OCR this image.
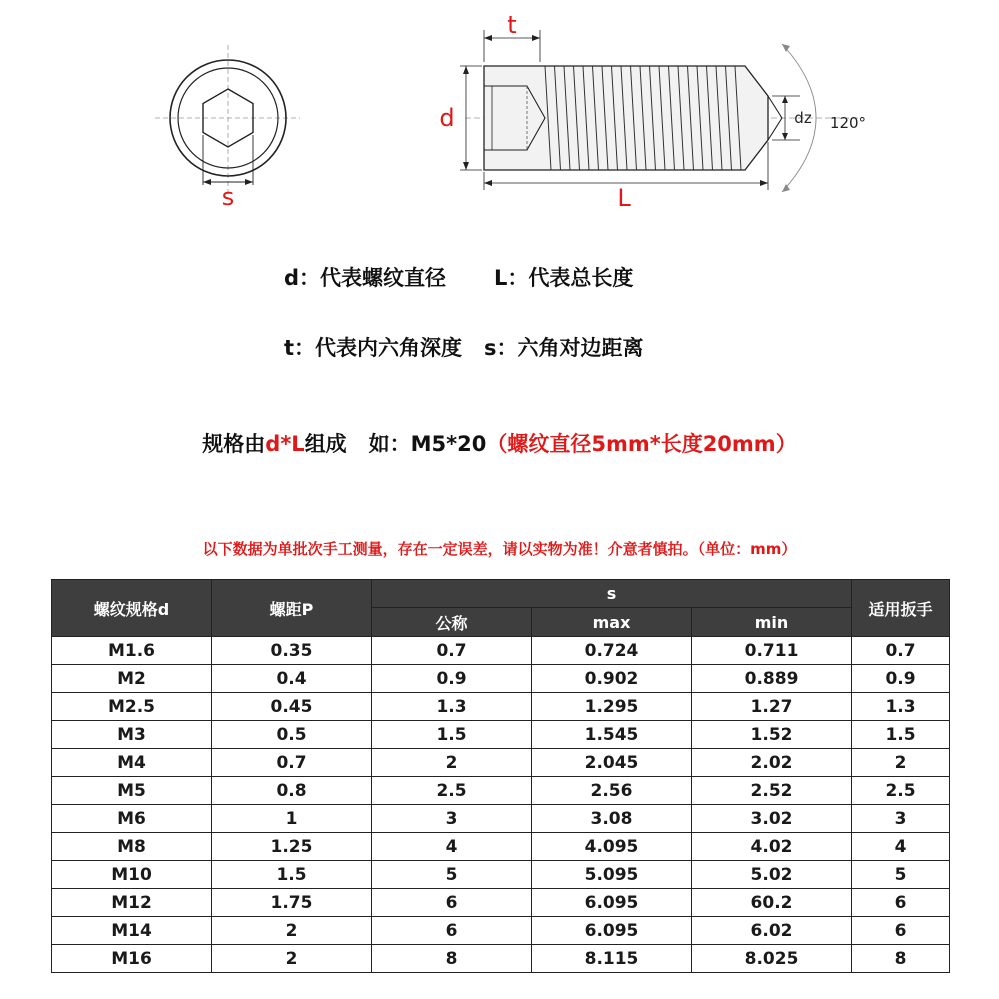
s
t
d
L
dz 120°
d：代表螺纹直径 L：代表总长度
t：代表内六角深度 s：六角对边距离
规格由d*L组成   如：M5*20（螺纹直径5mm*长度20mm）
以下数据为单批次手工测量，存在一定误差，请以实物为准！介意者慎拍。（单位：mm）
螺纹规格d	螺距P	s			适用扳手
		公称	max	min	
M1.6	0.35	0.7	0.724	0.711	0.7
M2	0.4	0.9	0.902	0.889	0.9
M2.5	0.45	1.3	1.295	1.27	1.3
M3	0.5	1.5	1.545	1.52	1.5
M4	0.7	2	2.045	2.02	2
M5	0.8	2.5	2.56	2.52	2.5
M6	1	3	3.08	3.02	3
M8	1.25	4	4.095	4.02	4
M10	1.5	5	5.095	5.02	5
M12	1.75	6	6.095	60.2	6
M14	2	6	6.095	6.02	6
M16	2	8	8.115	8.025	8
